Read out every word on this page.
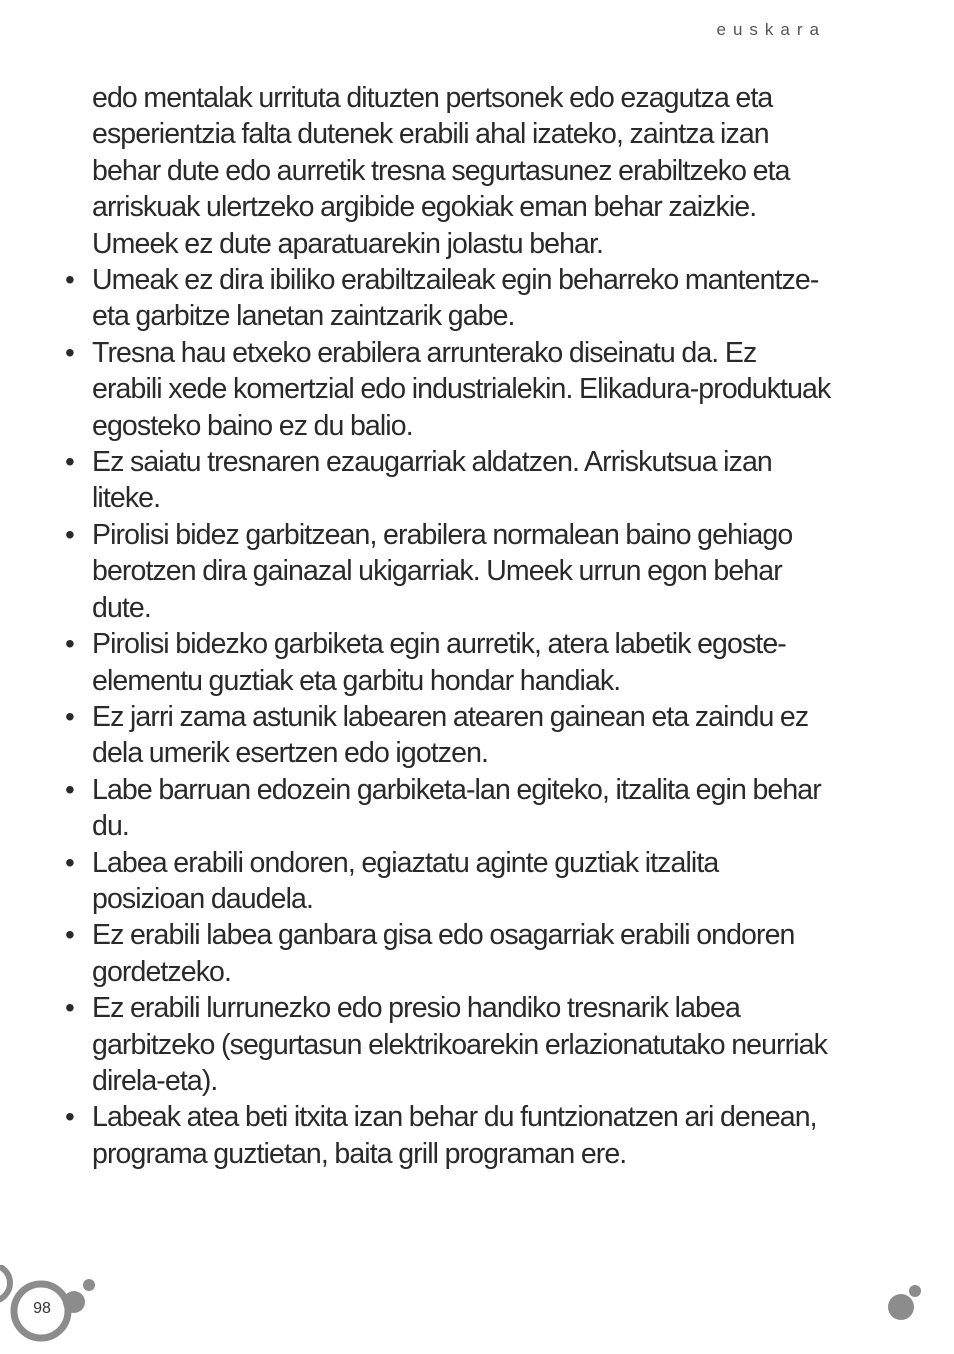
euskara

edo mentalak urrituta dituzten pertsonek edo ezagutza eta esperientzia falta dutenek erabili ahal izateko, zaintza izan behar dute edo aurretik tresna segurtasunez erabiltzeko eta arriskuak ulertzeko argibide egokiak eman behar zaizkie. Umeek ez dute aparatuarekin jolastu behar.

• Umeak ez dira ibiliko erabiltzaileak egin beharreko mantentze- eta garbitze lanetan zaintzarik gabe.
• Tresna hau etxeko erabilera arrunterako diseinatu da. Ez erabili xede komertzial edo industrialekin. Elikadura-produktuak egosteko baino ez du balio.
• Ez saiatu tresnaren ezaugarriak aldatzen. Arriskutsua izan liteke.
• Pirolisi bidez garbitzean, erabilera normalean baino gehiago berotzen dira gainazal ukigarriak. Umeek urrun egon behar dute.
• Pirolisi bidezko garbiketa egin aurretik, atera labetik egoste-elementu guztiak eta garbitu hondar handiak.
• Ez jarri zama astunik labearen atearen gainean eta zaindu ez dela umerik esertzen edo igotzen.
• Labe barruan edozein garbiketa-lan egiteko, itzalita egin behar du.
• Labea erabili ondoren, egiaztatu aginte guztiak itzalita posizioan daudela.
• Ez erabili labea ganbara gisa edo osagarriak erabili ondoren gordetzeko.
• Ez erabili lurrunezko edo presio handiko tresnarik labea garbitzeko (segurtasun elektrikoarekin erlazionatutako neurriak direla-eta).
• Labeak atea beti itxita izan behar du funtzionatzen ari denean, programa guztietan, baita grill programan ere.
98
